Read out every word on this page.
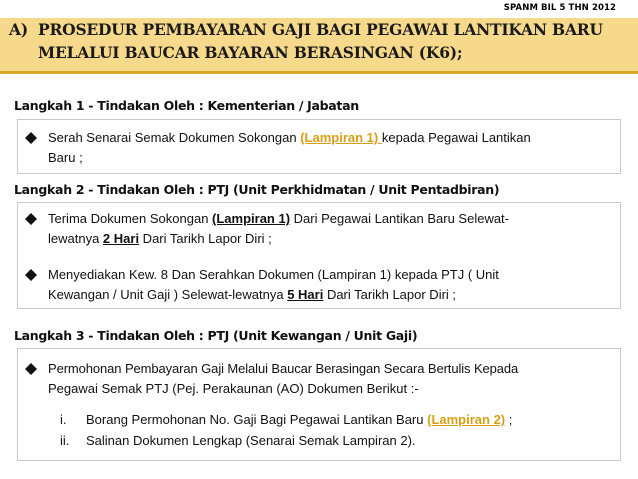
SPANM BIL 5 THN 2012
A) PROSEDUR PEMBAYARAN GAJI BAGI PEGAWAI LANTIKAN BARU
MELALUI BAUCAR BAYARAN BERASINGAN (K6);
Langkah 1 - Tindakan Oleh : Kementerian / Jabatan
Serah Senarai Semak Dokumen Sokongan (Lampiran 1) kepada Pegawai Lantikan
Baru ;
Langkah 2 - Tindakan Oleh : PTJ (Unit Perkhidmatan / Unit Pentadbiran)
Terima Dokumen Sokongan (Lampiran 1) Dari Pegawai Lantikan Baru Selewat-
lewatnya 2 Hari Dari Tarikh Lapor Diri ;
Menyediakan Kew. 8 Dan Serahkan Dokumen (Lampiran 1) kepada PTJ ( Unit
Kewangan / Unit Gaji ) Selewat-lewatnya 5 Hari Dari Tarikh Lapor Diri ;
Langkah 3 - Tindakan Oleh : PTJ (Unit Kewangan / Unit Gaji)
Permohonan Pembayaran Gaji Melalui Baucar Berasingan Secara Bertulis Kepada
Pegawai Semak PTJ (Pej. Perakaunan (AO) Dokumen Berikut :-
i. Borang Permohonan No. Gaji Bagi Pegawai Lantikan Baru (Lampiran 2) ;
ii. Salinan Dokumen Lengkap (Senarai Semak Lampiran 2).
